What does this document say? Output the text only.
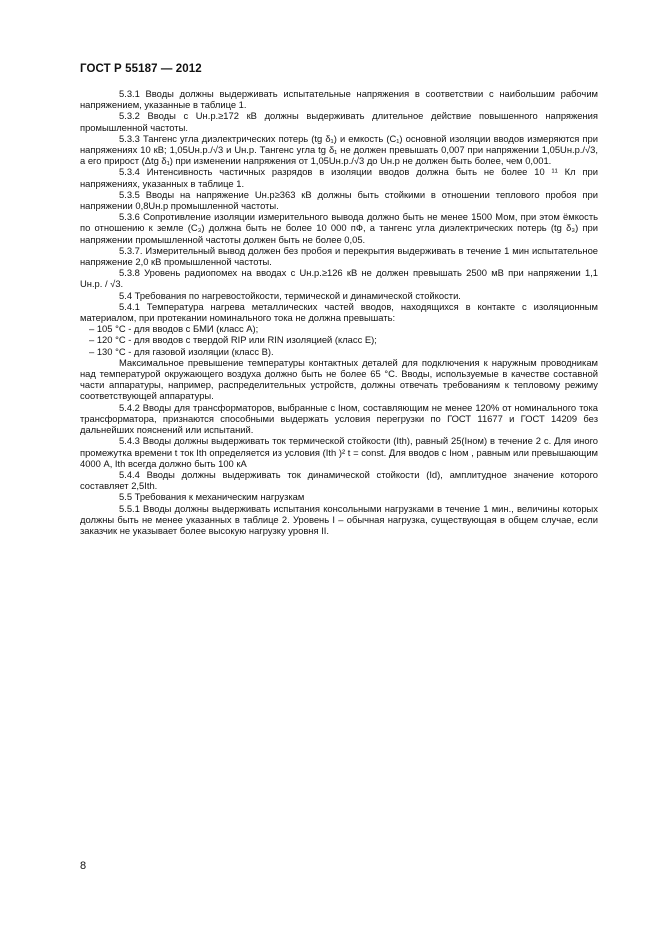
ГОСТ Р 55187 — 2012

5.3.1 Вводы должны выдерживать испытательные напряжения в соответствии с наибольшим рабочим напряжением, указанные в таблице 1.

5.3.2 Вводы с Uн.р.≥172 кВ должны выдерживать длительное действие повышенного напряжения промышленной частоты.

5.3.3 Тангенс угла диэлектрических потерь (tg δ₁) и емкость (C₁) основной изоляции вводов измеряются при напряжениях 10 кВ; 1,05Uн.р./√3 и Uн.р. Тангенс угла tg δ₁ не должен превышать 0,007 при напряжении 1,05Uн.р./√3, а его прирост (Δtg δ₁) при изменении напряжения от 1,05Uн.р./√3 до Uн.р не должен быть более, чем 0,001.

5.3.4 Интенсивность частичных разрядов в изоляции вводов должна быть не более 10 ¹¹ Кл при напряжениях, указанных в таблице 1.

5.3.5 Вводы на напряжение Uн.р≥363 кВ должны быть стойкими в отношении теплового пробоя при напряжении 0,8Uн.р промышленной частоты.

5.3.6 Сопротивление изоляции измерительного вывода должно быть не менее 1500 Мом, при этом ёмкость по отношению к земле (C₃) должна быть не более 10 000 пФ, а тангенс угла диэлектрических потерь (tg δ₃) при напряжении промышленной частоты должен быть не более 0,05.

5.3.7. Измерительный вывод должен без пробоя и перекрытия выдерживать в течение 1 мин испытательное напряжение 2,0 кВ промышленной частоты.

5.3.8 Уровень радиопомех на вводах с Uн.р.≥126 кВ не должен превышать 2500 мВ при напряжении 1,1 Uн.р. / √3.

5.4 Требования по нагревостойкости, термической и динамической стойкости.

5.4.1 Температура нагрева металлических частей вводов, находящихся в контакте с изоляционным материалом, при протекании номинального тока не должна превышать:

– 105 °C - для вводов с БМИ (класс А);

– 120 °C - для вводов с твердой RIP или RIN изоляцией (класс Е);

– 130 °C - для газовой изоляции (класс В).

Максимальное превышение температуры контактных деталей для подключения к наружным проводникам над температурой окружающего воздуха должно быть не более 65 °С. Вводы, используемые в качестве составной части аппаратуры, например, распределительных устройств, должны отвечать требованиям к тепловому режиму соответствующей аппаратуры.

5.4.2 Вводы для трансформаторов, выбранные с Iном, составляющим не менее 120% от номинального тока трансформатора, признаются способными выдержать условия перегрузки по ГОСТ 11677 и ГОСТ 14209 без дальнейших пояснений или испытаний.

5.4.3 Вводы должны выдерживать ток термической стойкости (Ith), равный 25(Iном) в течение 2 с. Для иного промежутка времени t ток Ith определяется из условия (Ith )² t = const. Для вводов с Iном , равным или превышающим 4000 А, Ith всегда должно быть 100 кА

5.4.4 Вводы должны выдерживать ток динамической стойкости (Id), амплитудное значение которого составляет 2,5Ith.

5.5 Требования к механическим нагрузкам

5.5.1 Вводы должны выдерживать испытания консольными нагрузками в течение 1 мин., величины которых должны быть не менее указанных в таблице 2. Уровень I – обычная нагрузка, существующая в общем случае, если заказчик не указывает более высокую нагрузку уровня II.

8
